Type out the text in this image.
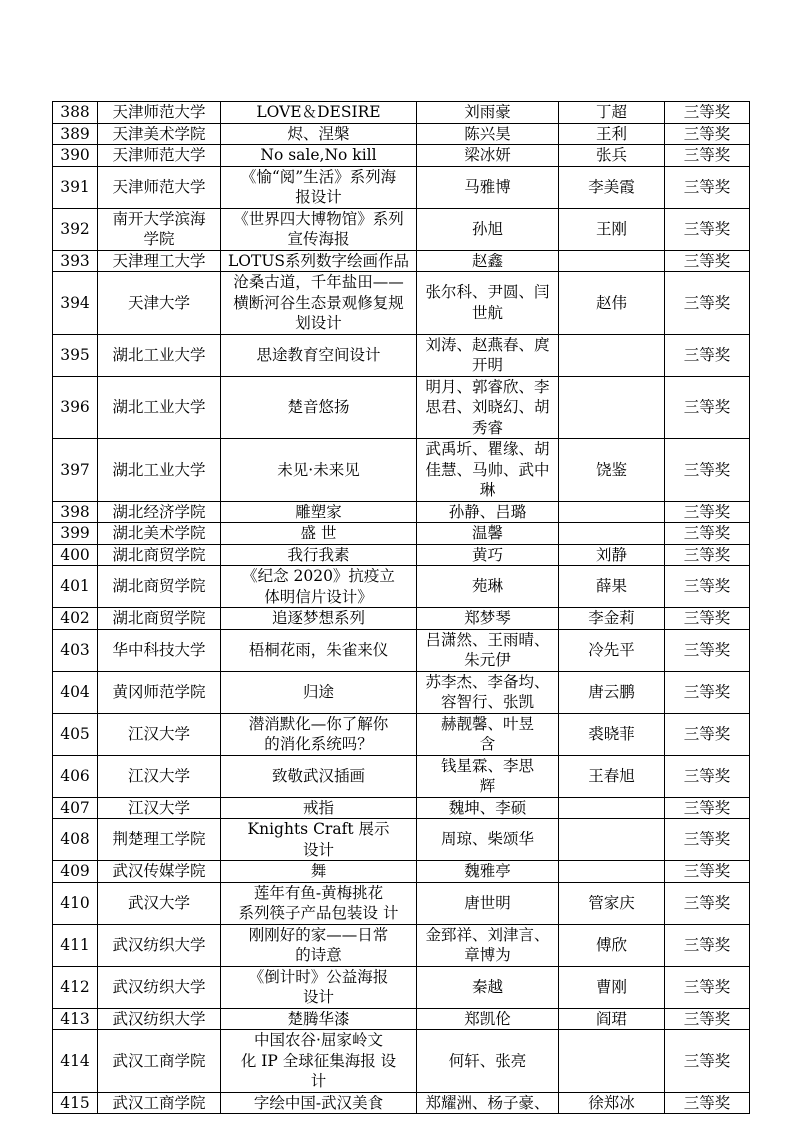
388	天津师范大学	LOVE＆DESIRE	刘雨豪	丁超	三等奖
389	天津美术学院	烬、涅槃	陈兴昊	王利	三等奖
390	天津师范大学	No sale,No kill	梁冰妍	张兵	三等奖
391	天津师范大学	《愉“阅”生活》系列海
报设计	马雅博	李美霞	三等奖
392	南开大学滨海
学院	《世界四大博物馆》系列
宣传海报	孙旭	王刚	三等奖
393	天津理工大学	LOTUS系列数字绘画作品	赵鑫		三等奖
394	天津大学	沧桑古道，千年盐田——
横断河谷生态景观修复规
划设计	张尔科、尹圆、闫
世航	赵伟	三等奖
395	湖北工业大学	思途教育空间设计	刘涛、赵燕春、庹
开明		三等奖
396	湖北工业大学	楚音悠扬	明月、郭睿欣、李
思君、刘晓幻、胡
秀睿		三等奖
397	湖北工业大学	未见·未来见	武禹圻、瞿缘、胡
佳慧、马帅、武中
琳	饶鉴	三等奖
398	湖北经济学院	雕塑家	孙静、吕璐		三等奖
399	湖北美术学院	盛 世	温馨		三等奖
400	湖北商贸学院	我行我素	黄巧	刘静	三等奖
401	湖北商贸学院	《纪念 2020》抗疫立
体明信片设计》	苑琳	薛果	三等奖
402	湖北商贸学院	追逐梦想系列	郑梦琴	李金莉	三等奖
403	华中科技大学	梧桐花雨，朱雀来仪	吕潇然、王雨晴、
朱元伊	冷先平	三等奖
404	黄冈师范学院	归途	苏李杰、李备均、
容智行、张凯	唐云鹏	三等奖
405	江汉大学	潜消默化—你了解你
的消化系统吗？	赫靓馨、叶昱
含	裘晓菲	三等奖
406	江汉大学	致敬武汉插画	钱星霖、李思
辉	王春旭	三等奖
407	江汉大学	戒指	魏坤、李硕		三等奖
408	荆楚理工学院	Knights Craft 展示
设计	周琼、柴颂华		三等奖
409	武汉传媒学院	舞	魏雅亭		三等奖
410	武汉大学	莲年有鱼-黄梅挑花
系列筷子产品包装设 计	唐世明	管家庆	三等奖
411	武汉纺织大学	刚刚好的家——日常
的诗意	金郅祥、刘津言、
章博为	傅欣	三等奖
412	武汉纺织大学	《倒计时》公益海报
设计	秦越	曹刚	三等奖
413	武汉纺织大学	楚腾华漆	郑凯伦	阎珺	三等奖
414	武汉工商学院	中国农谷·屈家岭文
化 IP 全球征集海报 设
计	何轩、张亮		三等奖
415	武汉工商学院	字绘中国-武汉美食	郑耀洲、杨子豪、	徐郑冰	三等奖
